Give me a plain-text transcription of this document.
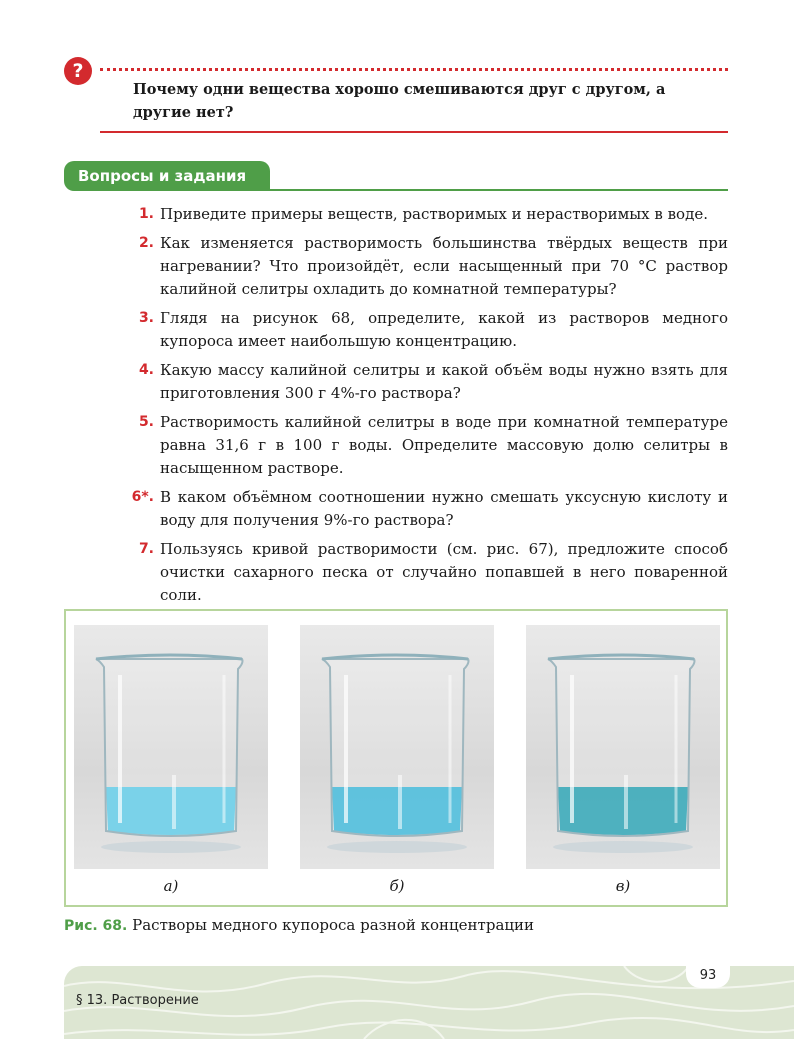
?
Почему одни вещества хорошо смешиваются друг с другом, а другие нет?
Вопросы и задания
1. Приведите примеры веществ, растворимых и нерастворимых в воде.
2. Как изменяется растворимость большинства твёрдых веществ при нагревании? Что произойдёт, если насыщенный при 70 °С раствор калийной селитры охладить до комнатной температуры?
3. Глядя на рисунок 68, определите, какой из растворов медного купороса имеет наибольшую концентрацию.
4. Какую массу калийной селитры и какой объём воды нужно взять для приготовления 300 г 4%-го раствора?
5. Растворимость калийной селитры в воде при комнатной температуре равна 31,6 г в 100 г воды. Определите массовую долю селитры в насыщенном растворе.
6*. В каком объёмном соотношении нужно смешать уксусную кислоту и воду для получения 9%-го раствора?
7. Пользуясь кривой растворимости (см. рис. 67), предложите способ очистки сахарного песка от случайно попавшей в него поваренной соли.
а)	б)	в)
Рис. 68. Растворы медного купороса разной концентрации
93
§ 13. Растворение
